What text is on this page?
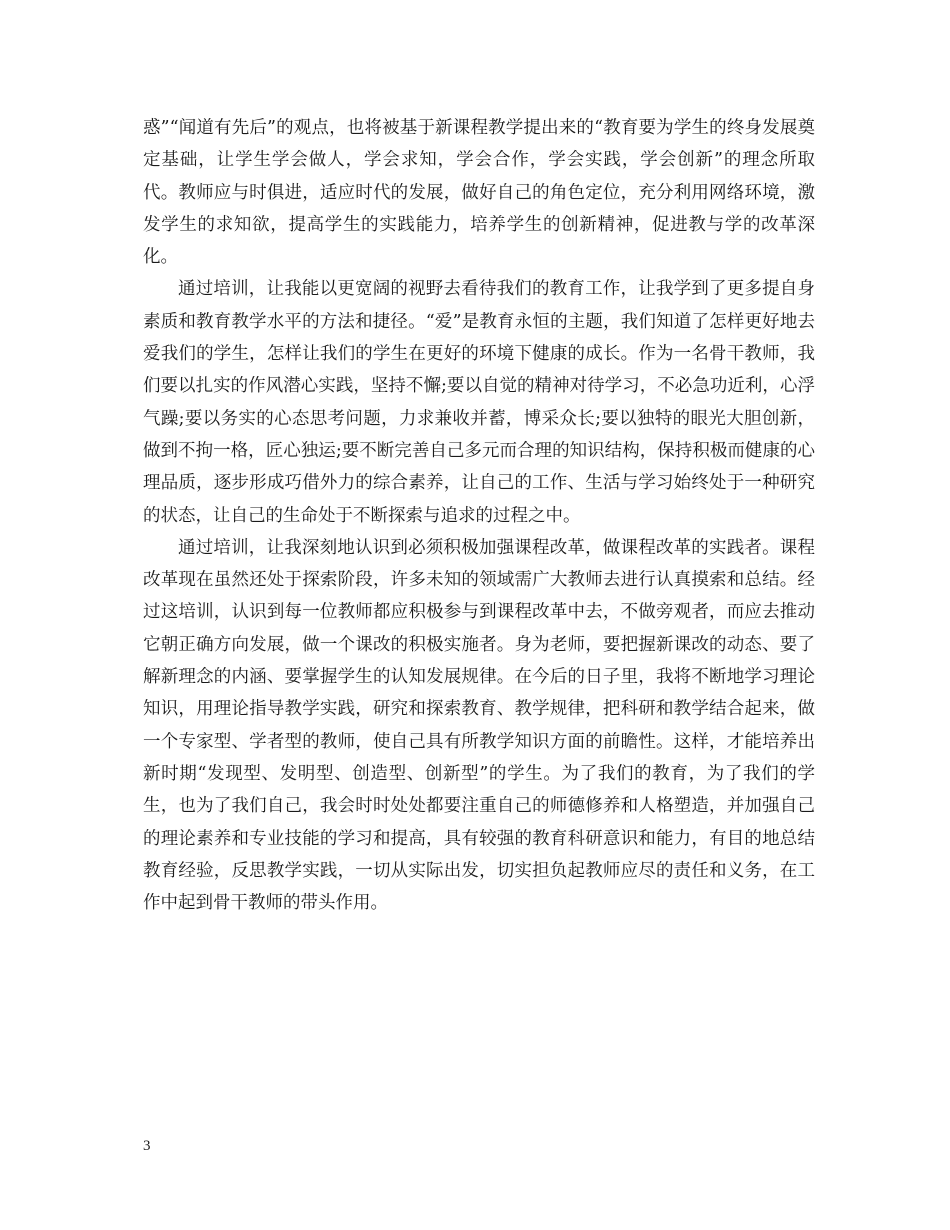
惑”“闻道有先后”的观点，也将被基于新课程教学提出来的“教育要为学生的终身发展奠定基础，让学生学会做人，学会求知，学会合作，学会实践，学会创新”的理念所取代。教师应与时俱进，适应时代的发展，做好自己的角色定位，充分利用网络环境，激发学生的求知欲，提高学生的实践能力，培养学生的创新精神，促进教与学的改革深化。

通过培训，让我能以更宽阔的视野去看待我们的教育工作，让我学到了更多提自身素质和教育教学水平的方法和捷径。“爱”是教育永恒的主题，我们知道了怎样更好地去爱我们的学生，怎样让我们的学生在更好的环境下健康的成长。作为一名骨干教师，我们要以扎实的作风潜心实践，坚持不懈;要以自觉的精神对待学习，不必急功近利，心浮气躁;要以务实的心态思考问题，力求兼收并蓄，博采众长;要以独特的眼光大胆创新，做到不拘一格，匠心独运;要不断完善自己多元而合理的知识结构，保持积极而健康的心理品质，逐步形成巧借外力的综合素养，让自己的工作、生活与学习始终处于一种研究的状态，让自己的生命处于不断探索与追求的过程之中。

通过培训，让我深刻地认识到必须积极加强课程改革，做课程改革的实践者。课程改革现在虽然还处于探索阶段，许多未知的领域需广大教师去进行认真摸索和总结。经过这培训，认识到每一位教师都应积极参与到课程改革中去，不做旁观者，而应去推动它朝正确方向发展，做一个课改的积极实施者。身为老师，要把握新课改的动态、要了解新理念的内涵、要掌握学生的认知发展规律。在今后的日子里，我将不断地学习理论知识，用理论指导教学实践，研究和探索教育、教学规律，把科研和教学结合起来，做一个专家型、学者型的教师，使自己具有所教学知识方面的前瞻性。这样，才能培养出新时期“发现型、发明型、创造型、创新型”的学生。为了我们的教育，为了我们的学生，也为了我们自己，我会时时处处都要注重自己的师德修养和人格塑造，并加强自己的理论素养和专业技能的学习和提高，具有较强的教育科研意识和能力，有目的地总结教育经验，反思教学实践，一切从实际出发，切实担负起教师应尽的责任和义务，在工作中起到骨干教师的带头作用。

3
